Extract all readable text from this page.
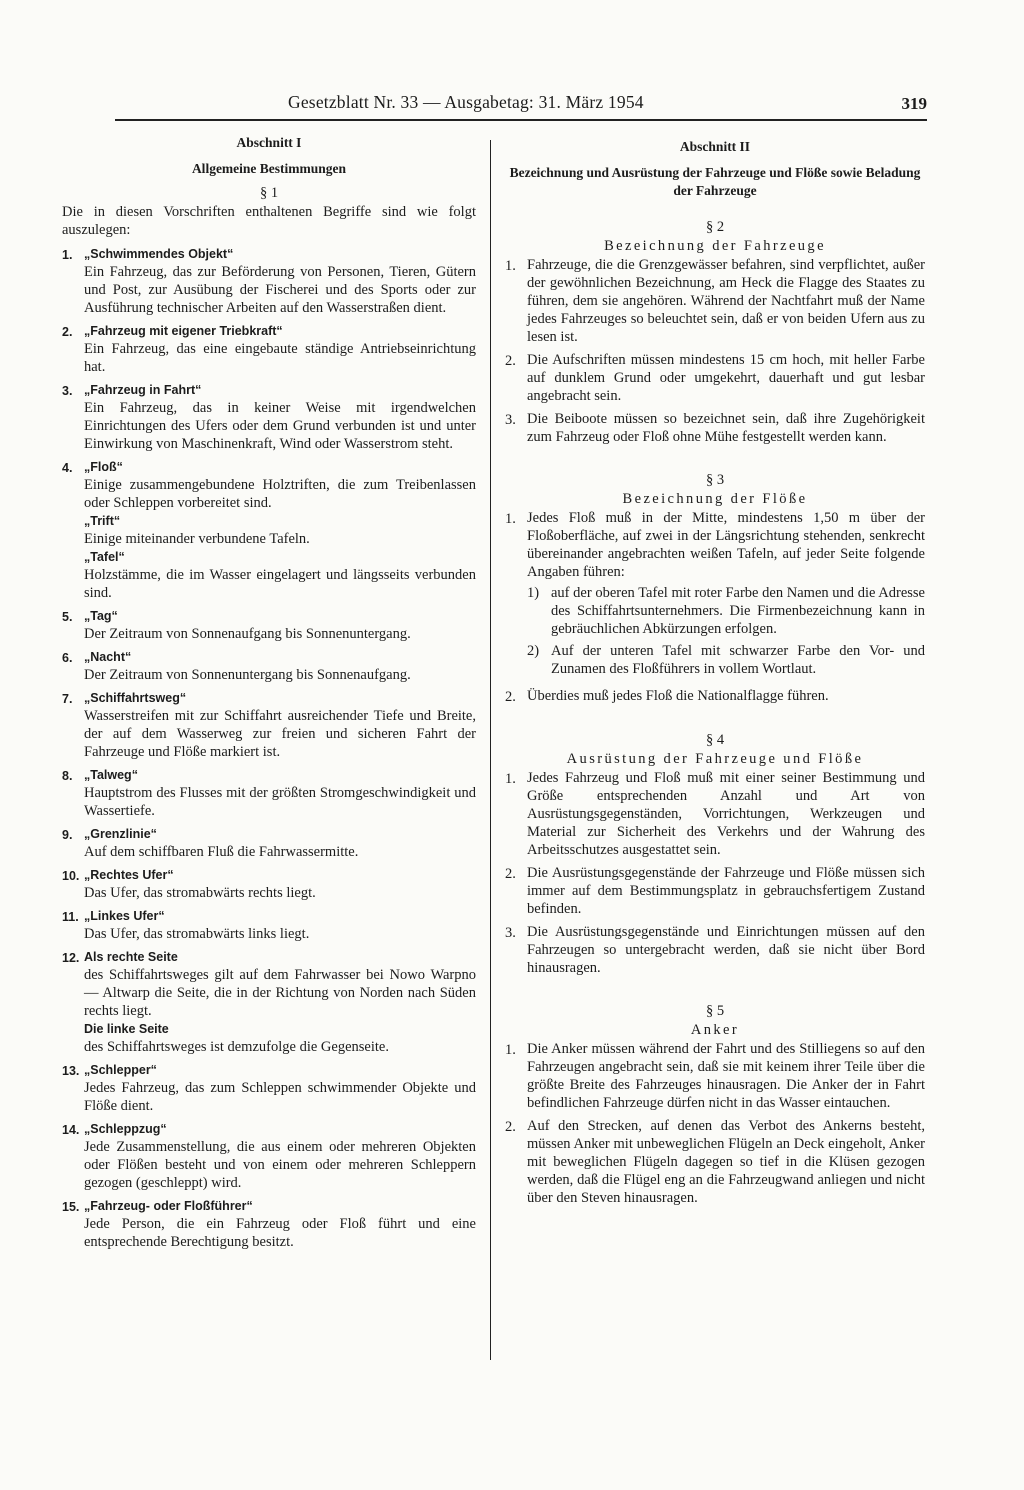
Gesetzblatt Nr. 33 — Ausgabetag: 31. März 1954	319

Abschnitt I

Allgemeine Bestimmungen

§ 1

Die in diesen Vorschriften enthaltenen Begriffe sind wie folgt auszulegen:

1. „Schwimmendes Objekt“
Ein Fahrzeug, das zur Beförderung von Personen, Tieren, Gütern und Post, zur Ausübung der Fischerei und des Sports oder zur Ausführung technischer Arbeiten auf den Wasserstraßen dient.
2. „Fahrzeug mit eigener Triebkraft“
Ein Fahrzeug, das eine eingebaute ständige Antriebseinrichtung hat.
3. „Fahrzeug in Fahrt“
Ein Fahrzeug, das in keiner Weise mit irgendwelchen Einrichtungen des Ufers oder dem Grund verbunden ist und unter Einwirkung von Maschinenkraft, Wind oder Wasserstrom steht.
4. „Floß“
Einige zusammengebundene Holztriften, die zum Treibenlassen oder Schleppen vorbereitet sind.
„Trift“
Einige miteinander verbundene Tafeln.
„Tafel“
Holzstämme, die im Wasser eingelagert und längsseits verbunden sind.
5. „Tag“
Der Zeitraum von Sonnenaufgang bis Sonnenuntergang.
6. „Nacht“
Der Zeitraum von Sonnenuntergang bis Sonnenaufgang.
7. „Schiffahrtsweg“
Wasserstreifen mit zur Schiffahrt ausreichender Tiefe und Breite, der auf dem Wasserweg zur freien und sicheren Fahrt der Fahrzeuge und Flöße markiert ist.
8. „Talweg“
Hauptstrom des Flusses mit der größten Stromgeschwindigkeit und Wassertiefe.
9. „Grenzlinie“
Auf dem schiffbaren Fluß die Fahrwassermitte.
10. „Rechtes Ufer“
Das Ufer, das stromabwärts rechts liegt.
11. „Linkes Ufer“
Das Ufer, das stromabwärts links liegt.
12. Als rechte Seite
des Schiffahrtsweges gilt auf dem Fahrwasser bei Nowo Warpno — Altwarp die Seite, die in der Richtung von Norden nach Süden rechts liegt.
Die linke Seite
des Schiffahrtsweges ist demzufolge die Gegenseite.
13. „Schlepper“
Jedes Fahrzeug, das zum Schleppen schwimmender Objekte und Flöße dient.
14. „Schleppzug“
Jede Zusammenstellung, die aus einem oder mehreren Objekten oder Flößen besteht und von einem oder mehreren Schleppern gezogen (geschleppt) wird.
15. „Fahrzeug- oder Floßführer“
Jede Person, die ein Fahrzeug oder Floß führt und eine entsprechende Berechtigung besitzt.

Abschnitt II

Bezeichnung und Ausrüstung der Fahrzeuge und Flöße sowie Beladung der Fahrzeuge

§ 2

Bezeichnung der Fahrzeuge

1. Fahrzeuge, die die Grenzgewässer befahren, sind verpflichtet, außer der gewöhnlichen Bezeichnung, am Heck die Flagge des Staates zu führen, dem sie angehören. Während der Nachtfahrt muß der Name jedes Fahrzeuges so beleuchtet sein, daß er von beiden Ufern aus zu lesen ist.
2. Die Aufschriften müssen mindestens 15 cm hoch, mit heller Farbe auf dunklem Grund oder umgekehrt, dauerhaft und gut lesbar angebracht sein.
3. Die Beiboote müssen so bezeichnet sein, daß ihre Zugehörigkeit zum Fahrzeug oder Floß ohne Mühe festgestellt werden kann.

§ 3

Bezeichnung der Flöße

1. Jedes Floß muß in der Mitte, mindestens 1,50 m über der Floßoberfläche, auf zwei in der Längsrichtung stehenden, senkrecht übereinander angebrachten weißen Tafeln, auf jeder Seite folgende Angaben führen:
1) auf der oberen Tafel mit roter Farbe den Namen und die Adresse des Schiffahrtsunternehmers. Die Firmenbezeichnung kann in gebräuchlichen Abkürzungen erfolgen.
2) Auf der unteren Tafel mit schwarzer Farbe den Vor- und Zunamen des Floßführers in vollem Wortlaut.
2. Überdies muß jedes Floß die Nationalflagge führen.

§ 4

Ausrüstung der Fahrzeuge und Flöße

1. Jedes Fahrzeug und Floß muß mit einer seiner Bestimmung und Größe entsprechenden Anzahl und Art von Ausrüstungsgegenständen, Vorrichtungen, Werkzeugen und Material zur Sicherheit des Verkehrs und der Wahrung des Arbeitsschutzes ausgestattet sein.
2. Die Ausrüstungsgegenstände der Fahrzeuge und Flöße müssen sich immer auf dem Bestimmungsplatz in gebrauchsfertigem Zustand befinden.
3. Die Ausrüstungsgegenstände und Einrichtungen müssen auf den Fahrzeugen so untergebracht werden, daß sie nicht über Bord hinausragen.

§ 5

Anker

1. Die Anker müssen während der Fahrt und des Stilliegens so auf den Fahrzeugen angebracht sein, daß sie mit keinem ihrer Teile über die größte Breite des Fahrzeuges hinausragen. Die Anker der in Fahrt befindlichen Fahrzeuge dürfen nicht in das Wasser eintauchen.
2. Auf den Strecken, auf denen das Verbot des Ankerns besteht, müssen Anker mit unbeweglichen Flügeln an Deck eingeholt, Anker mit beweglichen Flügeln dagegen so tief in die Klüsen gezogen werden, daß die Flügel eng an die Fahrzeugwand anliegen und nicht über den Steven hinausragen.
